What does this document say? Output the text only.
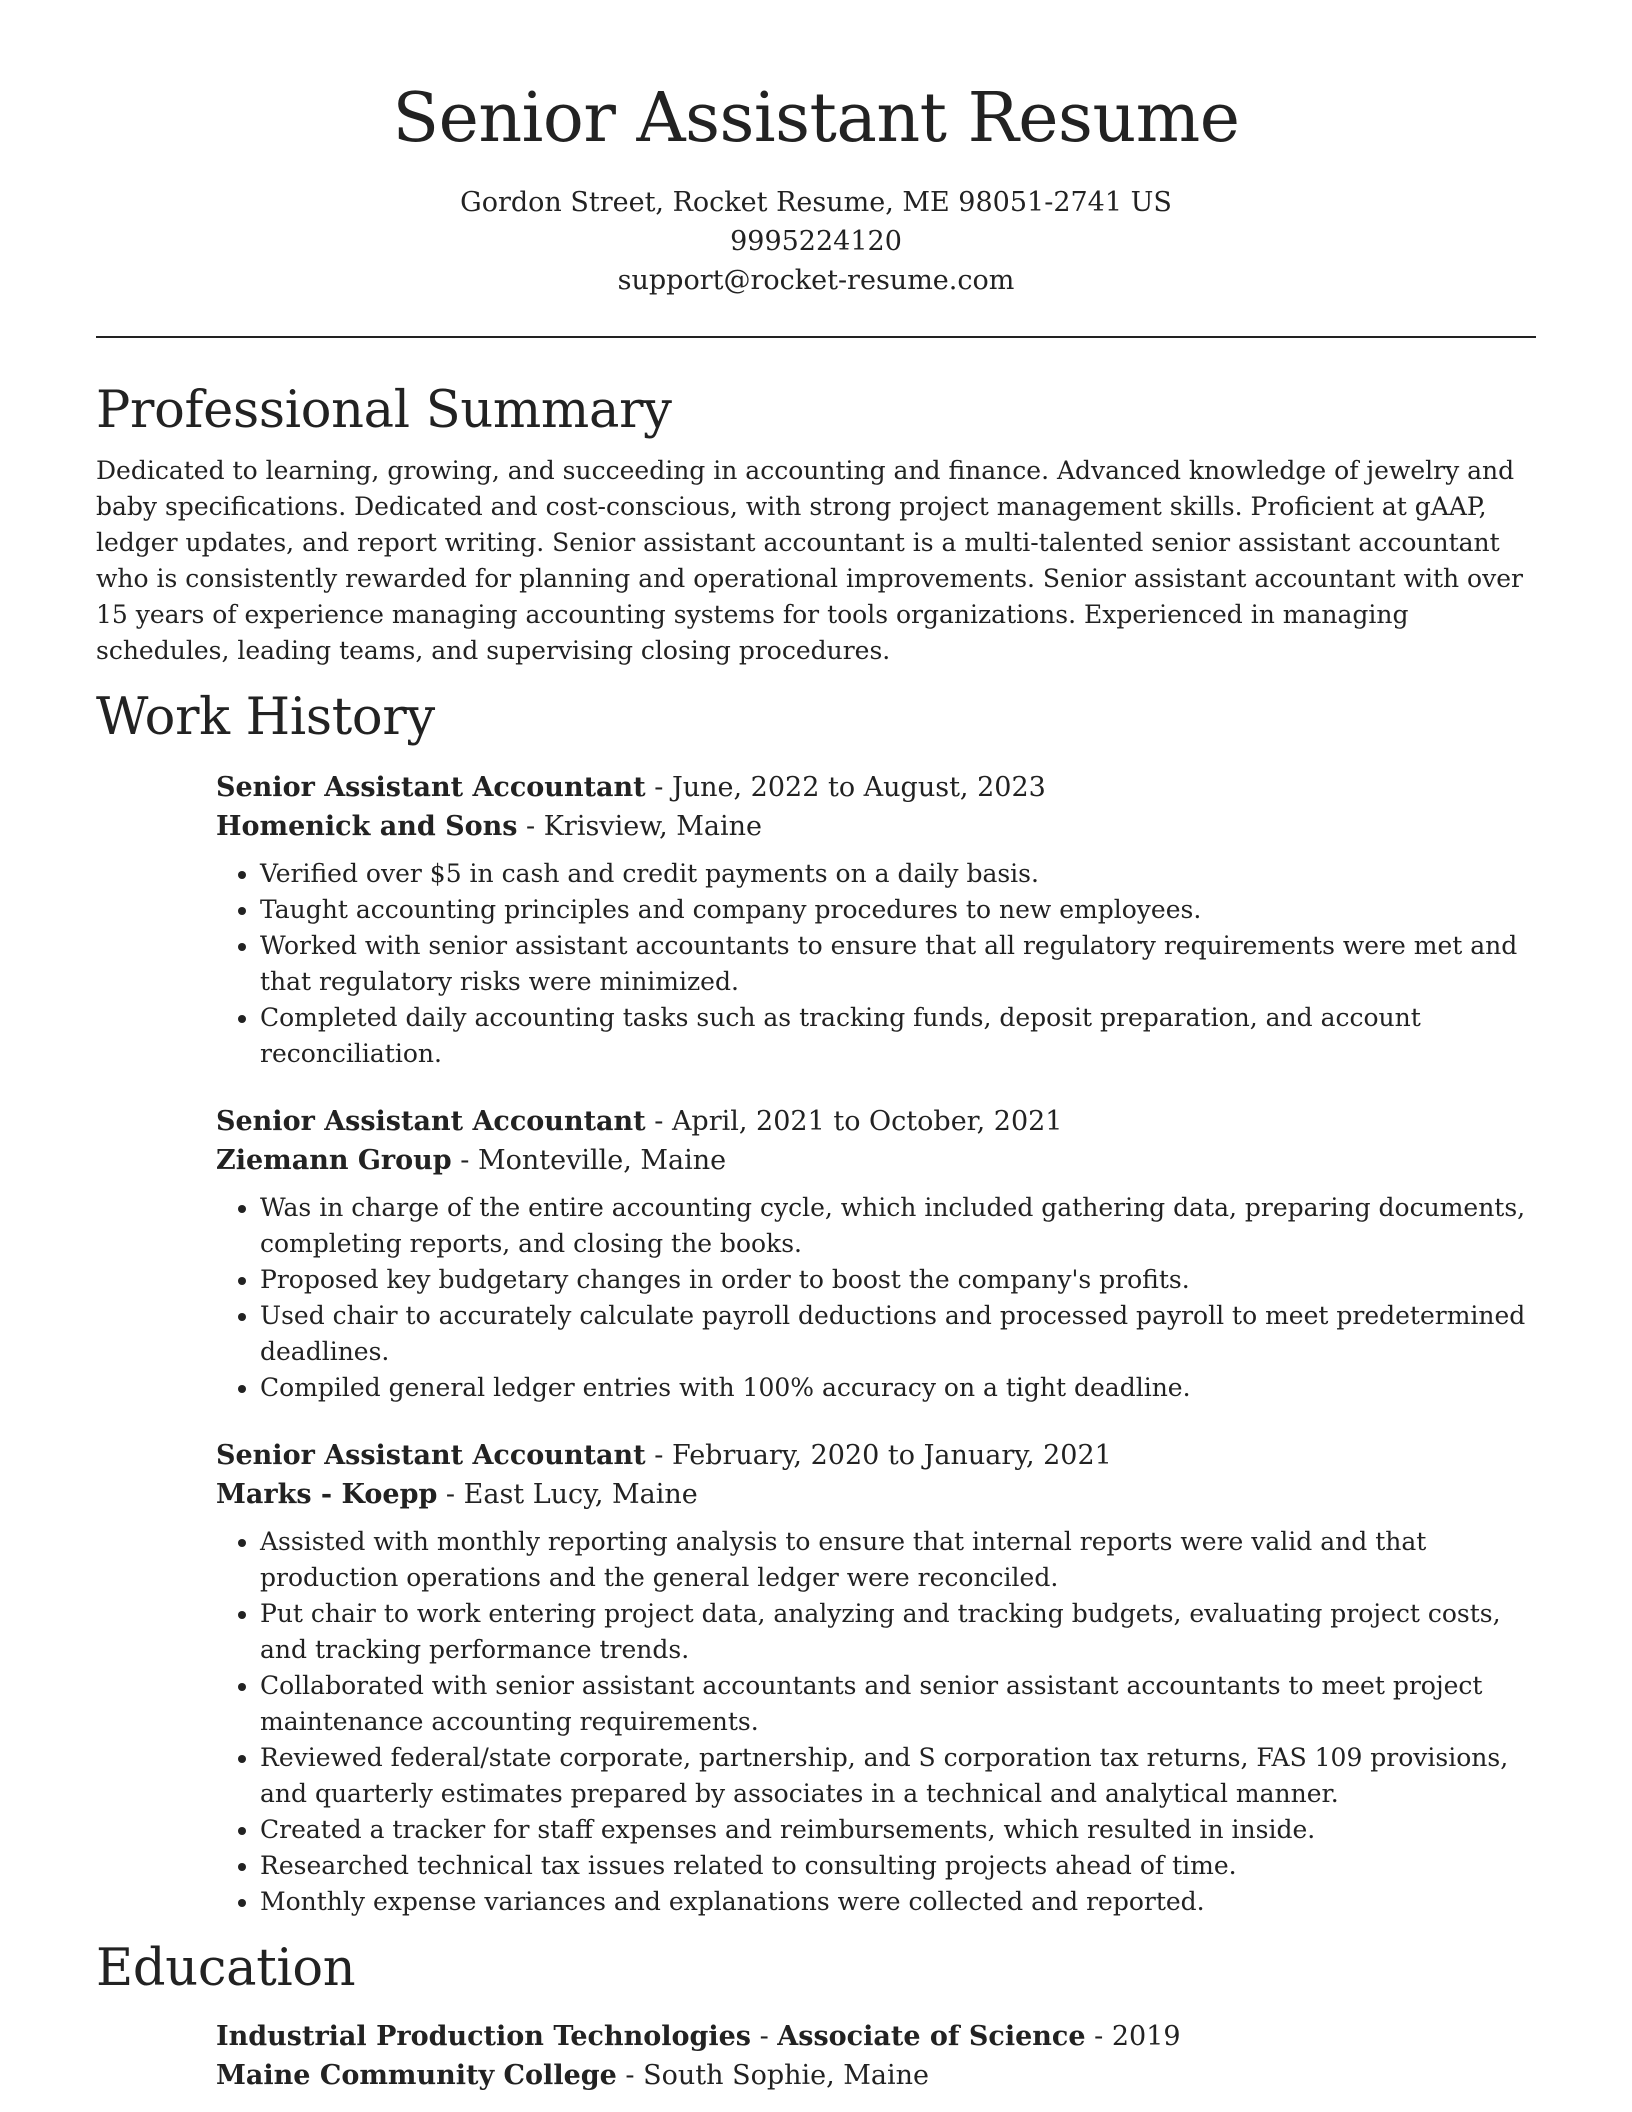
Senior Assistant Resume

Gordon Street, Rocket Resume, ME 98051-2741 US

9995224120

support@rocket-resume.com

Professional Summary

Dedicated to learning, growing, and succeeding in accounting and finance. Advanced knowledge of jewelry and baby specifications. Dedicated and cost-conscious, with strong project management skills. Proficient at gAAP, ledger updates, and report writing. Senior assistant accountant is a multi-talented senior assistant accountant who is consistently rewarded for planning and operational improvements. Senior assistant accountant with over 15 years of experience managing accounting systems for tools organizations. Experienced in managing schedules, leading teams, and supervising closing procedures.

Work History

Senior Assistant Accountant - June, 2022 to August, 2023

Homenick and Sons - Krisview, Maine

• Verified over $5 in cash and credit payments on a daily basis.
• Taught accounting principles and company procedures to new employees.
• Worked with senior assistant accountants to ensure that all regulatory requirements were met and that regulatory risks were minimized.
• Completed daily accounting tasks such as tracking funds, deposit preparation, and account reconciliation.

Senior Assistant Accountant - April, 2021 to October, 2021

Ziemann Group - Monteville, Maine

• Was in charge of the entire accounting cycle, which included gathering data, preparing documents, completing reports, and closing the books.
• Proposed key budgetary changes in order to boost the company's profits.
• Used chair to accurately calculate payroll deductions and processed payroll to meet predetermined deadlines.
• Compiled general ledger entries with 100% accuracy on a tight deadline.

Senior Assistant Accountant - February, 2020 to January, 2021

Marks - Koepp - East Lucy, Maine

• Assisted with monthly reporting analysis to ensure that internal reports were valid and that production operations and the general ledger were reconciled.
• Put chair to work entering project data, analyzing and tracking budgets, evaluating project costs, and tracking performance trends.
• Collaborated with senior assistant accountants and senior assistant accountants to meet project maintenance accounting requirements.
• Reviewed federal/state corporate, partnership, and S corporation tax returns, FAS 109 provisions, and quarterly estimates prepared by associates in a technical and analytical manner.
• Created a tracker for staff expenses and reimbursements, which resulted in inside.
• Researched technical tax issues related to consulting projects ahead of time.
• Monthly expense variances and explanations were collected and reported.
Education

Industrial Production Technologies - Associate of Science - 2019

Maine Community College - South Sophie, Maine
